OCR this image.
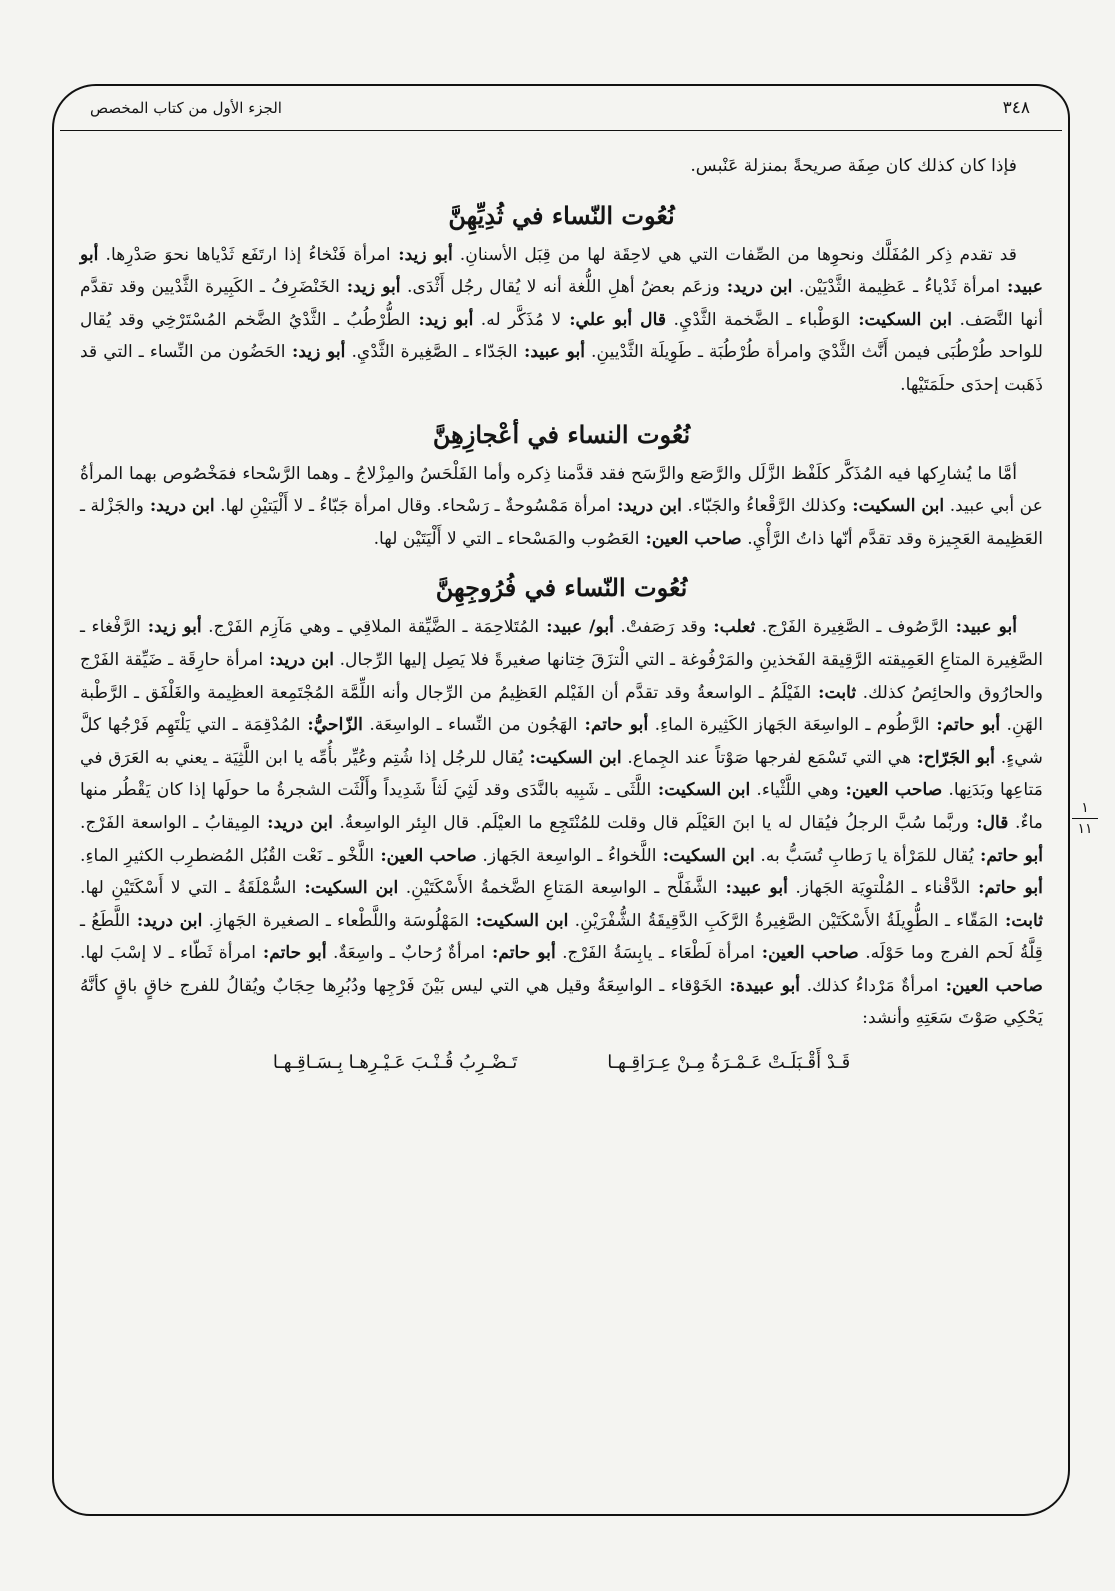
٣٤٨
الجزء الأول من كتاب المخصص
١
١١

فإذا كان كذلك كان صِفَة صريحةً بمنزلة عَنْبس.

نُعُوت النّساء في ثُدِيِّهِنَّ

قد تقدم ذِكر المُفَلَّك ونحوِها من الصِّفات التي هي لاحِقَة لها من قِبَل الأسنانِ. أبو زيد: امرأة فَنْخاءُ إذا ارتَفَع ثَدْياها نحوَ صَدْرِها. أبو عبيد: امرأة ثَدْياءُ ـ عَظِيمة الثَّدْيَيْن. ابن دريد: وزعَم بعضُ أهلِ اللُّغة أنه لا يُقال رجُل أَثْدَى. أبو زيد: الخَنْضَرِفُ ـ الكَبِيرة الثَّدْيين وقد تقدَّم أنها النَّصَف. ابن السكيت: الوَطْباء ـ الضَّخمة الثَّدْيِ. قال أبو علي: لا مُذَكَّر له. أبو زيد: الطُّرْطُبُ ـ الثَّدْيُ الضَّخم المُسْتَرْخِي وقد يُقال للواحد طُرْطُبَى فيمن أَنَّث الثَّدْيَ وامرأة طُرْطُبَة ـ طَوِيلَة الثَّدْيينِ. أبو عبيد: الجَدّاء ـ الصَّغِيرة الثَّدْيِ. أبو زيد: الحَضُون من النِّساء ـ التي قد ذَهَبت إحدَى حلَمَتَيْها.

نُعُوت النساء في أعْجازِهِنَّ

أمَّا ما يُشارِكها فيه المُذَكَّر كلَفْظ الزَّلَل والرَّصَع والرَّسَح فقد قدَّمنا ذِكره وأما الفَلْحَسُ والمِزْلاجُ ـ وهما الرَّسْحاء فمَخْصُوص بهما المرأةُ عن أبي عبيد. ابن السكيت: وكذلك الرَّقْعاءُ والجَبّاء. ابن دريد: امرأة مَمْسُوحةٌ ـ رَسْحاء. وقال امرأة جَبّاءُ ـ لا أَلْيَتيْنِ لها. ابن دريد: والجَزْلة ـ العَظِيمة العَجِيزة وقد تقدَّم أنّها ذاتُ الرَّأْيِ. صاحب العين: العَصُوب والمَسْحاء ـ التي لا أَلْيَتَيْن لها.

نُعُوت النّساء في فُرُوجِهِنَّ

أبو عبيد: الرَّصُوف ـ الصَّغِيرة الفَرْج. ثعلب: وقد رَصَفتْ. أبو/ عبيد: المُتَلاحِمَة ـ الضَّيِّقة الملاقِي ـ وهي مَآزِم الفَرْج. أبو زيد: الرَّفْغاء ـ الصَّغِيرة المتاعِ العَمِيقته الرَّقِيقة الفَخذينِ والمَرْفُوغة ـ التي الْتزَقَ خِتانها صغيرةً فلا يَصِل إليها الرِّجال. ابن دريد: امرأة حارِقَة ـ ضَيِّقة الفَرْج والحارُوق والحائِصُ كذلك. ثابت: الفَيْلَمُ ـ الواسعةُ وقد تقدَّم أن الفَيْلم العَظِيمُ من الرِّجال وأنه اللِّمَّة المُجْتَمِعة العظِيمة والغَلْفَق ـ الرَّطْبة الهَنِ. أبو حاتم: الرَّطُوم ـ الواسِعَة الجَهاز الكَثِيرة الماءِ. أبو حاتم: الهَجُون من النِّساء ـ الواسِعَة. الزّاحيُّ: المُدْقِمَة ـ التي يَلْتَهِم فَرْجُها كلَّ شيءٍ. أبو الجَرّاح: هي التي تَسْمَع لفرجها صَوْتاً عند الجِماع. ابن السكيت: يُقال للرجُل إذا شُتِم وعُيِّر بأُمِّه يا ابن اللَّثِيَة ـ يعني به العَرَق في مَتاعِها وبَدَنِها. صاحب العين: وهي اللَّثْياء. ابن السكيت: اللَّثَى ـ شَبِيه بالنَّدَى وقد لَثِيَ لَثاً شَدِيداً وأَلْثَت الشجرةُ ما حولَها إذا كان يَقْطُر منها ماءٌ. قال: وربَّما سُبَّ الرجلُ فيُقال له يا ابنَ العَيْلَم قال وقلت للمُنْتَجِع ما العيْلَم. قال البِئر الواسِعةُ. ابن دريد: المِيقابُ ـ الواسعة الفَرْج. أبو حاتم: يُقال للمَرْأة يا رَطابِ تُسَبُّ به. ابن السكيت: اللَّخواءُ ـ الواسِعة الجَهاز. صاحب العين: اللَّخْو ـ نَعْت القُبُل المُضطرِب الكثيرِ الماءِ. أبو حاتم: الدَّقْناء ـ المُلْتوِيَة الجَهاز. أبو عبيد: الشَّفَلَّح ـ الواسِعة المَتاعِ الضَّخمةُ الأَسْكَتَيْنِ. ابن السكيت: السُّمْلَقَةُ ـ التي لا أَسْكَتَيْنِ لها. ثابت: المَقّاء ـ الطُّوِيلَةُ الأَسْكَتَيْن الصَّغِيرةُ الرَّكَبِ الدَّقِيقَةُ الشُّفْرَيْنِ. ابن السكيت: المَهْلُوسَة واللَّطْعاء ـ الصغيرة الجَهازِ. ابن دريد: اللَّطَعُ ـ قِلَّةُ لَحم الفرج وما حَوْلَه. صاحب العين: امرأة لَطْعَاء ـ يابِسَةُ الفَرْج. أبو حاتم: امرأةٌ رُحابٌ ـ واسِعَةٌ. أبو حاتم: امرأة ثَطّاء ـ لا إسْبَ لها. صاحب العين: امرأةٌ مَرْداءُ كذلك. أبو عبيدة: الخَوْقاء ـ الواسِعَةُ وقيل هي التي ليس بَيْنَ فَرْجِها ودُبُرِها حِجَابٌ ويُقالُ للفرج خاقٍ باقٍ كأنَّهُ يَحْكِي صَوْتَ سَعَتِهِ وأنشد:

قَـدْ أَقْـبَلَـتْ عَـمْـرَةُ مِـنْ عِـرَاقِـهـا
تَـضْـرِبُ قُـنْـبَ عَـيْـرِهـا بِـسَـاقِـهـا
